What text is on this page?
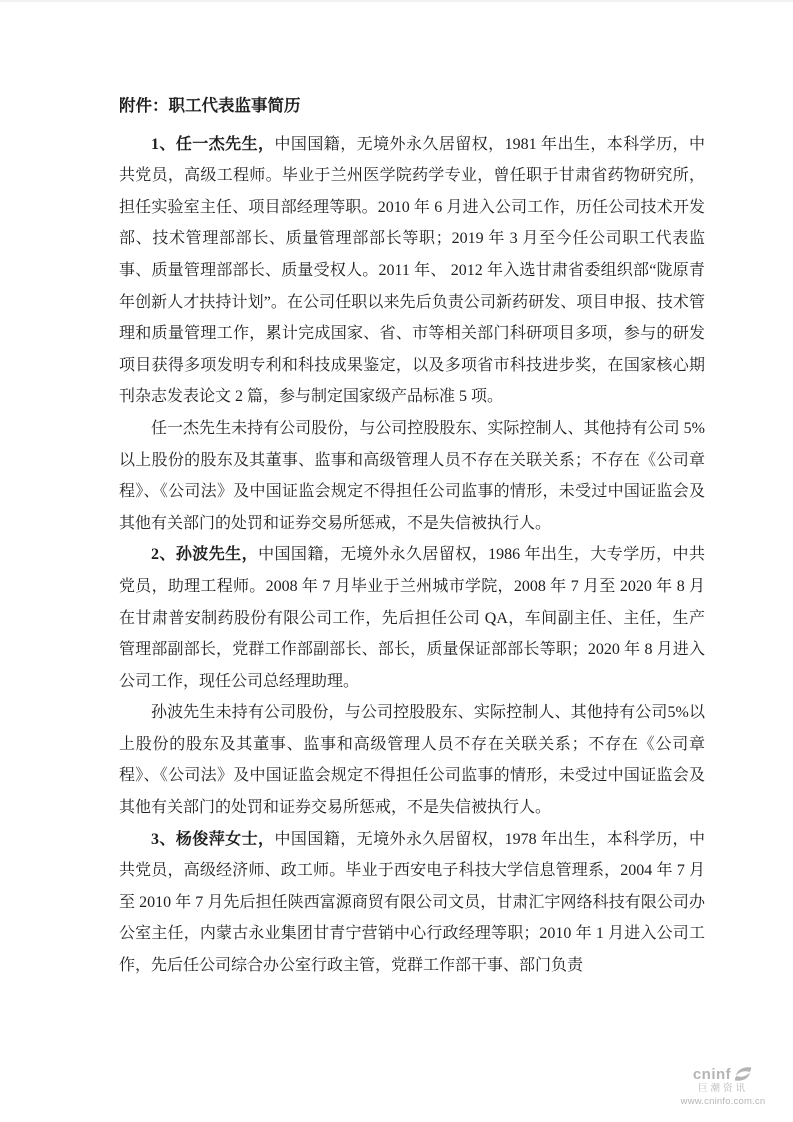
附件：职工代表监事简历

1、任一杰先生，中国国籍，无境外永久居留权，1981 年出生，本科学历，中共党员，高级工程师。毕业于兰州医学院药学专业，曾任职于甘肃省药物研究所，担任实验室主任、项目部经理等职。2010 年 6 月进入公司工作，历任公司技术开发部、技术管理部部长、质量管理部部长等职；2019 年 3 月至今任公司职工代表监事、质量管理部部长、质量受权人。2011 年、 2012 年入选甘肃省委组织部“陇原青年创新人才扶持计划”。在公司任职以来先后负责公司新药研发、项目申报、技术管理和质量管理工作，累计完成国家、省、市等相关部门科研项目多项，参与的研发项目获得多项发明专利和科技成果鉴定，以及多项省市科技进步奖，在国家核心期刊杂志发表论文 2 篇，参与制定国家级产品标准 5 项。

任一杰先生未持有公司股份，与公司控股股东、实际控制人、其他持有公司 5%以上股份的股东及其董事、监事和高级管理人员不存在关联关系；不存在《公司章程》、《公司法》及中国证监会规定不得担任公司监事的情形，未受过中国证监会及其他有关部门的处罚和证券交易所惩戒，不是失信被执行人。

2、孙波先生，中国国籍，无境外永久居留权，1986 年出生，大专学历，中共党员，助理工程师。2008 年 7 月毕业于兰州城市学院，2008 年 7 月至 2020 年 8 月在甘肃普安制药股份有限公司工作，先后担任公司 QA，车间副主任、主任，生产管理部副部长，党群工作部副部长、部长，质量保证部部长等职；2020 年 8 月进入公司工作，现任公司总经理助理。

孙波先生未持有公司股份，与公司控股股东、实际控制人、其他持有公司5%以上股份的股东及其董事、监事和高级管理人员不存在关联关系；不存在《公司章程》、《公司法》及中国证监会规定不得担任公司监事的情形，未受过中国证监会及其他有关部门的处罚和证券交易所惩戒，不是失信被执行人。

3、杨俊萍女士，中国国籍，无境外永久居留权，1978 年出生，本科学历，中共党员，高级经济师、政工师。毕业于西安电子科技大学信息管理系，2004 年 7 月至 2010 年 7 月先后担任陕西富源商贸有限公司文员，甘肃汇宇网络科技有限公司办公室主任，内蒙古永业集团甘青宁营销中心行政经理等职；2010 年 1 月进入公司工作，先后任公司综合办公室行政主管，党群工作部干事、部门负责

cninf
巨潮资讯
www.cninfo.com.cn
